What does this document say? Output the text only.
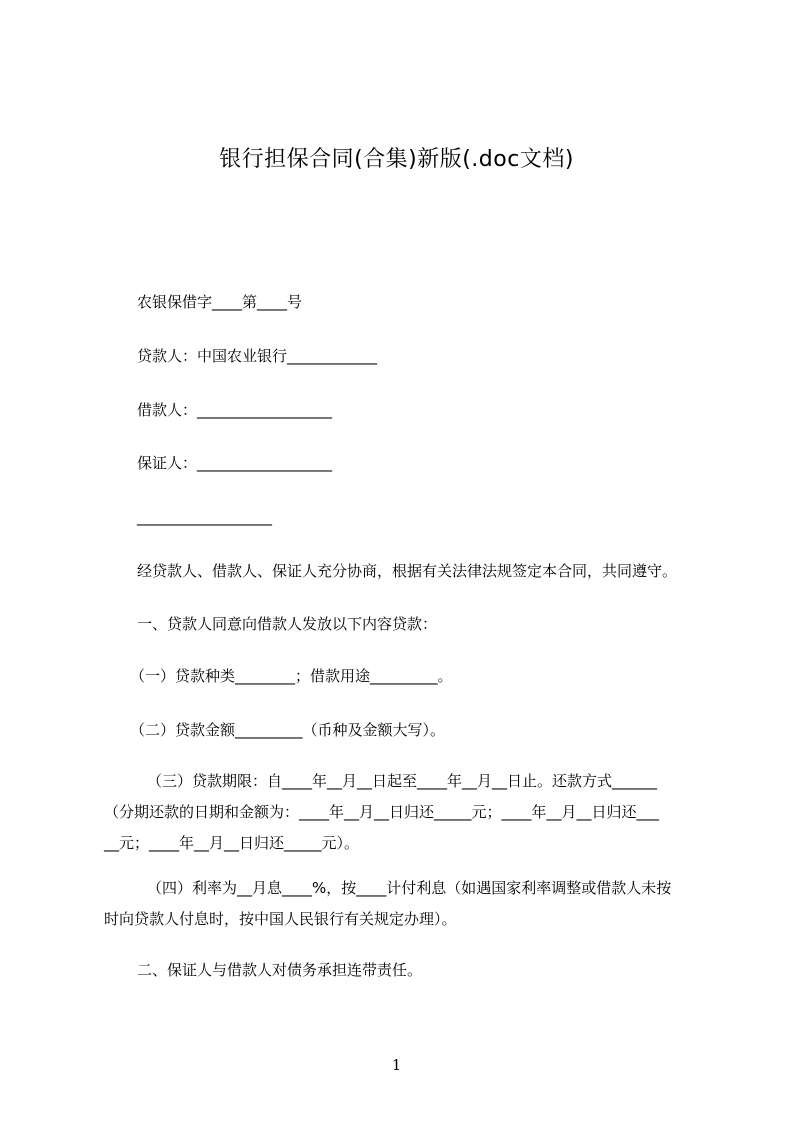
银行担保合同(合集)新版(.doc文档)
农银保借字____第____号
贷款人：中国农业银行____________
借款人：__________________
保证人：__________________
__________________
经贷款人、借款人、保证人充分协商，根据有关法律法规签定本合同，共同遵守。
一、贷款人同意向借款人发放以下内容贷款：
（一）贷款种类________；借款用途_________。
（二）贷款金额_________（币种及金额大写）。
（三）贷款期限：自____年__月__日起至____年__月__日止。还款方式______
（分期还款的日期和金额为：____年__月__日归还_____元；____年__月__日归还___
__元；____年__月__日归还_____元）。
（四）利率为__月息____%，按____计付利息（如遇国家利率调整或借款人未按
时向贷款人付息时，按中国人民银行有关规定办理）。
二、保证人与借款人对债务承担连带责任。
1
